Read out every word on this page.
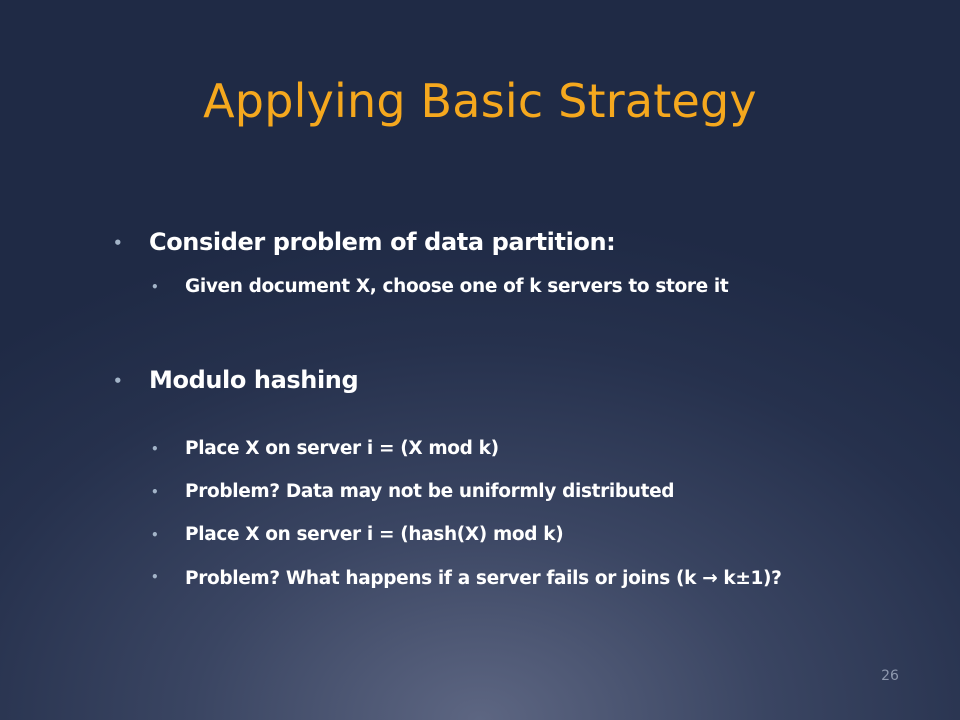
Applying Basic Strategy
• Consider problem of data partition:
• Given document X, choose one of k servers to store it
• Modulo hashing
• Place X on server i = (X mod k)
• Problem? Data may not be uniformly distributed
• Place X on server i = (hash(X) mod k)
• Problem? What happens if a server fails or joins (k → k±1)?
26
